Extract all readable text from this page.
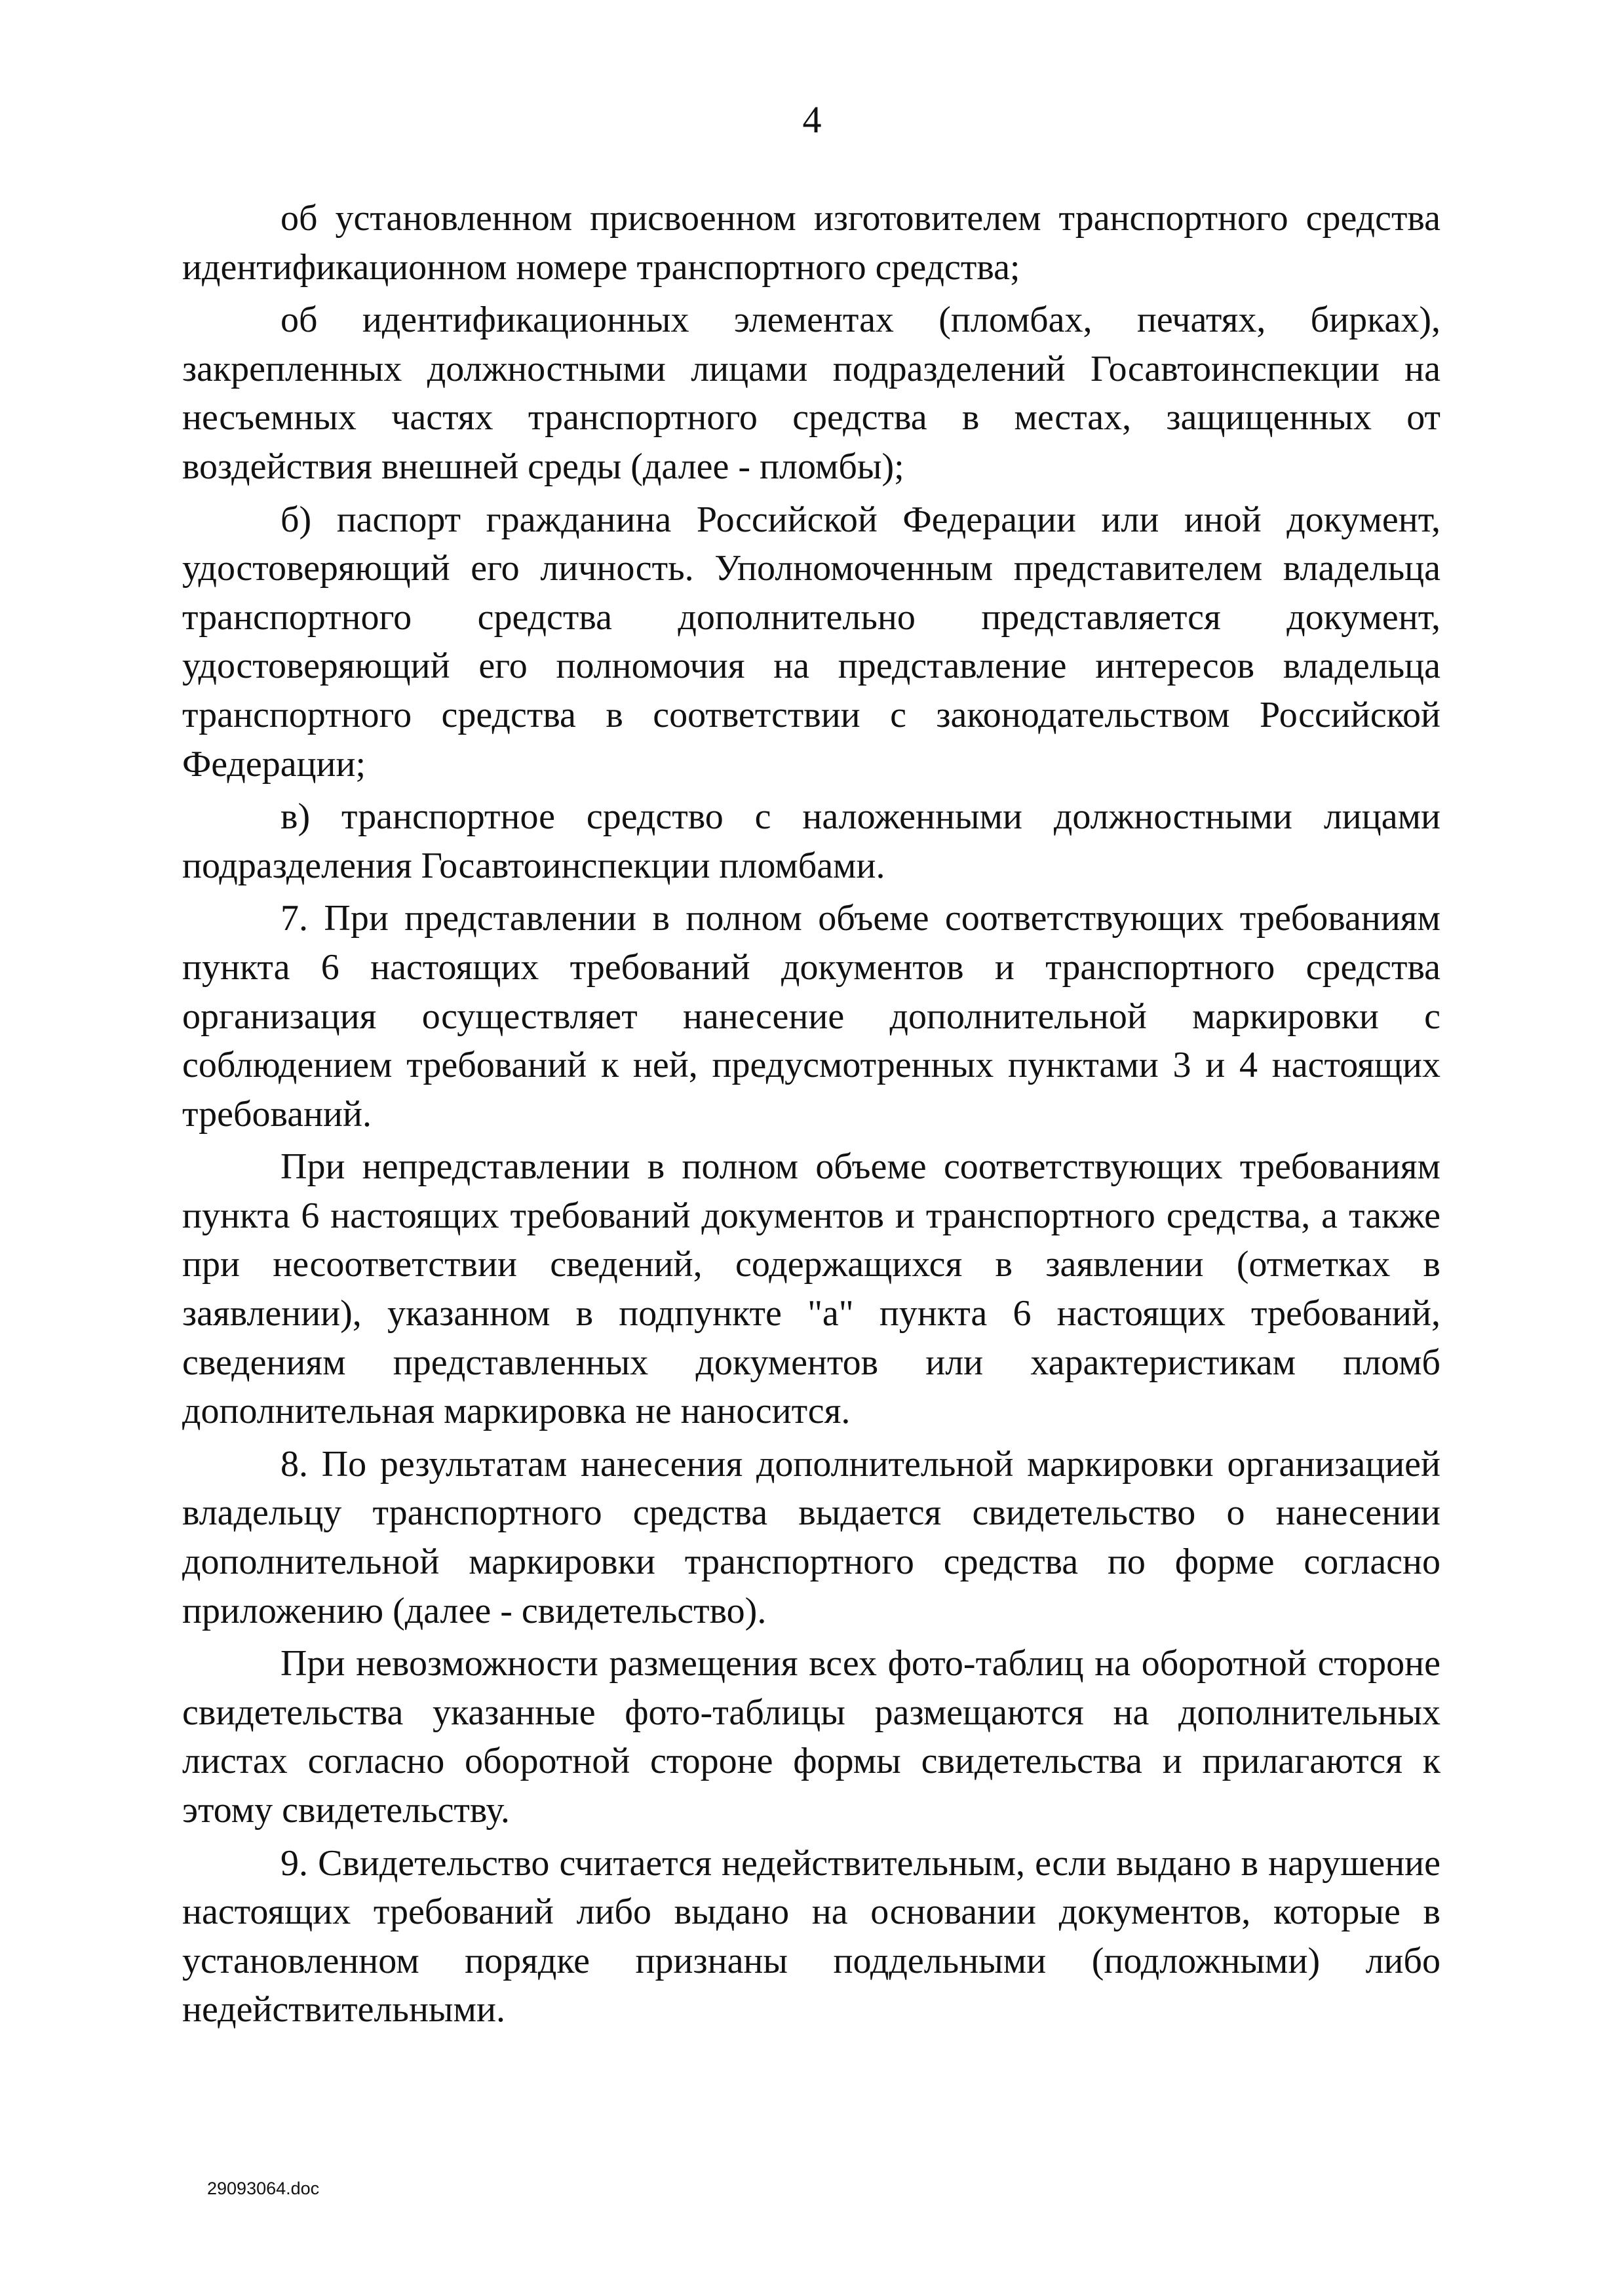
4

об установленном присвоенном изготовителем транспортного средства идентификационном номере транспортного средства;

об идентификационных элементах (пломбах, печатях, бирках), закрепленных должностными лицами подразделений Госавтоинспекции на несъемных частях транспортного средства в местах, защищенных от воздействия внешней среды (далее - пломбы);

б) паспорт гражданина Российской Федерации или иной документ, удостоверяющий его личность. Уполномоченным представителем владельца транспортного средства дополнительно представляется документ, удостоверяющий его полномочия на представление интересов владельца транспортного средства в соответствии с законодательством Российской Федерации;

в) транспортное средство с наложенными должностными лицами подразделения Госавтоинспекции пломбами.

7. При представлении в полном объеме соответствующих требованиям пункта 6 настоящих требований документов и транспортного средства организация осуществляет нанесение дополнительной маркировки с соблюдением требований к ней, предусмотренных пунктами 3 и 4 настоящих требований.

При непредставлении в полном объеме соответствующих требованиям пункта 6 настоящих требований документов и транспортного средства, а также при несоответствии сведений, содержащихся в заявлении (отметках в заявлении), указанном в подпункте "а" пункта 6 настоящих требований, сведениям представленных документов или характеристикам пломб дополнительная маркировка не наносится.

8. По результатам нанесения дополнительной маркировки организацией владельцу транспортного средства выдается свидетельство о нанесении дополнительной маркировки транспортного средства по форме согласно приложению (далее - свидетельство).

При невозможности размещения всех фото-таблиц на оборотной стороне свидетельства указанные фото-таблицы размещаются на дополнительных листах согласно оборотной стороне формы свидетельства и прилагаются к этому свидетельству.

9. Свидетельство считается недействительным, если выдано в нарушение настоящих требований либо выдано на основании документов, которые в установленном порядке признаны поддельными (подложными) либо недействительными.

29093064.doc
